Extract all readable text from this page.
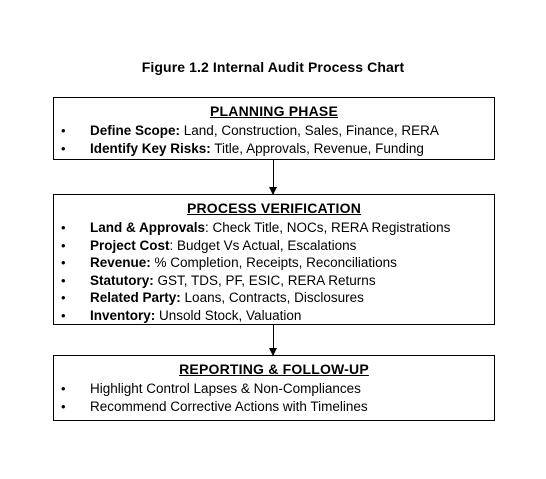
Figure 1.2 Internal Audit Process Chart
PLANNING PHASE
• Define Scope: Land, Construction, Sales, Finance, RERA
• Identify Key Risks: Title, Approvals, Revenue, Funding
PROCESS VERIFICATION
• Land & Approvals: Check Title, NOCs, RERA Registrations
• Project Cost: Budget Vs Actual, Escalations
• Revenue: % Completion, Receipts, Reconciliations
• Statutory: GST, TDS, PF, ESIC, RERA Returns
• Related Party: Loans, Contracts, Disclosures
• Inventory: Unsold Stock, Valuation
REPORTING & FOLLOW-UP
• Highlight Control Lapses & Non-Compliances
• Recommend Corrective Actions with Timelines
